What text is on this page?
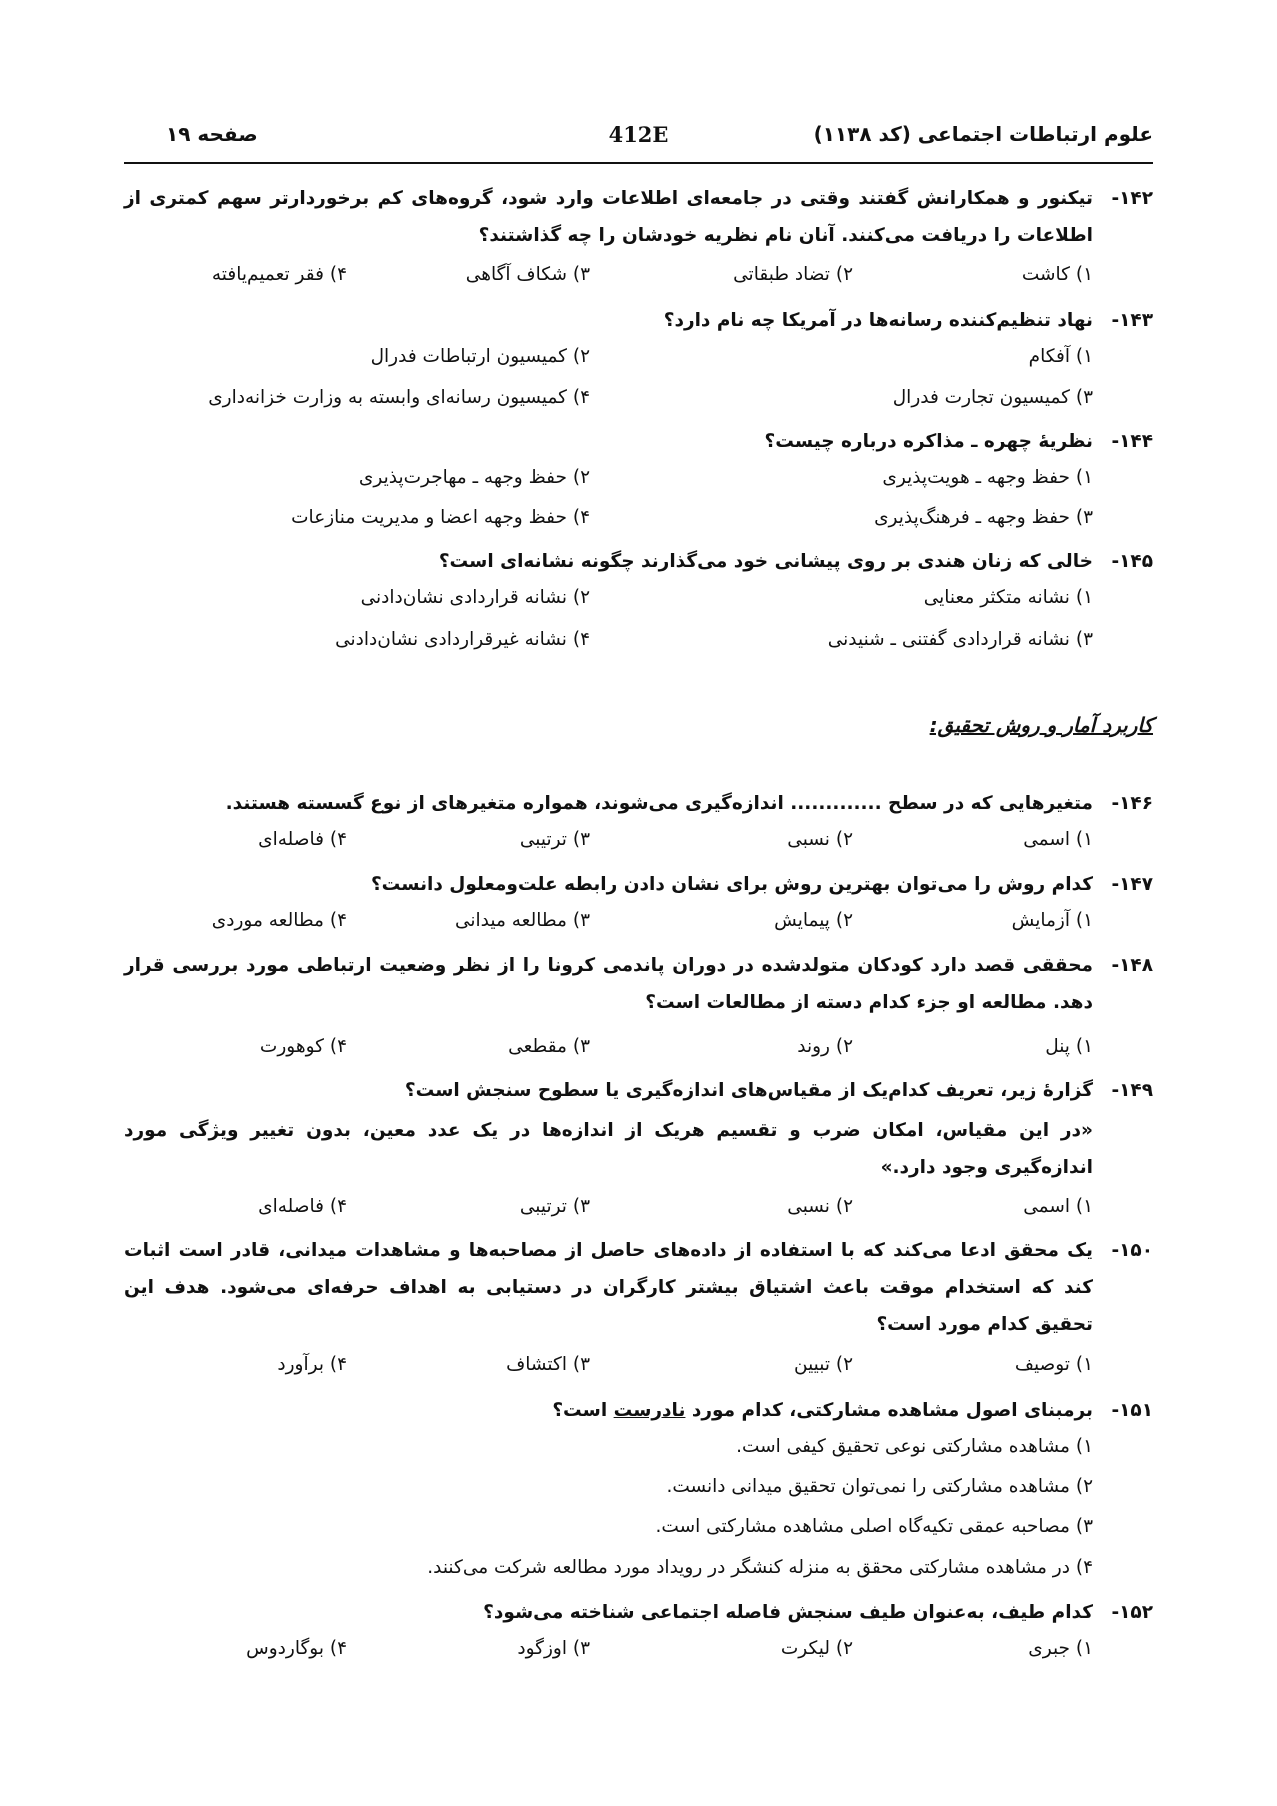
علوم ارتباطات اجتماعی (کد ۱۱۳۸)
412E
صفحه ۱۹
۱۴۲-
تیکنور و همکارانش گفتند وقتی در جامعه‌ای اطلاعات وارد شود، گروه‌های کم برخوردارتر سهم کمتری از اطلاعات را دریافت می‌کنند. آنان نام نظریه خودشان را چه گذاشتند؟
۱) کاشت
۲) تضاد طبقاتی
۳) شکاف آگاهی
۴) فقر تعمیم‌یافته
۱۴۳-
نهاد تنظیم‌کننده رسانه‌ها در آمریکا چه نام دارد؟
۱) آفکام
۲) کمیسیون ارتباطات فدرال
۳) کمیسیون تجارت فدرال
۴) کمیسیون رسانه‌ای وابسته به وزارت خزانه‌داری
۱۴۴-
نظریهٔ چهره ـ مذاکره درباره چیست؟
۱) حفظ وجهه ـ هویت‌پذیری
۲) حفظ وجهه ـ مهاجرت‌پذیری
۳) حفظ وجهه ـ فرهنگ‌پذیری
۴) حفظ وجهه اعضا و مدیریت منازعات
۱۴۵-
خالی که زنان هندی بر روی پیشانی خود می‌گذارند چگونه نشانه‌ای است؟
۱) نشانه متکثر معنایی
۲) نشانه قراردادی نشان‌دادنی
۳) نشانه قراردادی گفتنی ـ شنیدنی
۴) نشانه غیرقراردادی نشان‌دادنی
کاربرد آمار و روش تحقیق:
۱۴۶-
متغیرهایی که در سطح ............. اندازه‌گیری می‌شوند، همواره متغیرهای از نوع گسسته هستند.
۱) اسمی
۲) نسبی
۳) ترتیبی
۴) فاصله‌ای
۱۴۷-
کدام روش را می‌توان بهترین روش برای نشان دادن رابطه علت‌ومعلول دانست؟
۱) آزمایش
۲) پیمایش
۳) مطالعه میدانی
۴) مطالعه موردی
۱۴۸-
محققی قصد دارد کودکان متولدشده در دوران پاندمی کرونا را از نظر وضعیت ارتباطی مورد بررسی قرار دهد. مطالعه او جزء کدام دسته از مطالعات است؟
۱) پنل
۲) روند
۳) مقطعی
۴) کوهورت
۱۴۹-
گزارهٔ زیر، تعریف کدام‌یک از مقیاس‌های اندازه‌گیری یا سطوح سنجش است؟
«در این مقیاس، امکان ضرب و تقسیم هریک از اندازه‌ها در یک عدد معین، بدون تغییر ویژگی مورد اندازه‌گیری وجود دارد.»
۱) اسمی
۲) نسبی
۳) ترتیبی
۴) فاصله‌ای
۱۵۰-
یک محقق ادعا می‌کند که با استفاده از داده‌های حاصل از مصاحبه‌ها و مشاهدات میدانی، قادر است اثبات کند که استخدام موقت باعث اشتیاق بیشتر کارگران در دستیابی به اهداف حرفه‌ای می‌شود. هدف این تحقیق کدام مورد است؟
۱) توصیف
۲) تبیین
۳) اکتشاف
۴) برآورد
۱۵۱-
برمبنای اصول مشاهده مشارکتی، کدام مورد نادرست است؟
۱) مشاهده مشارکتی نوعی تحقیق کیفی است.
۲) مشاهده مشارکتی را نمی‌توان تحقیق میدانی دانست.
۳) مصاحبه عمقی تکیه‌گاه اصلی مشاهده مشارکتی است.
۴) در مشاهده مشارکتی محقق به منزله کنشگر در رویداد مورد مطالعه شرکت می‌کنند.
۱۵۲-
کدام طیف، به‌عنوان طیف سنجش فاصله اجتماعی شناخته می‌شود؟
۱) جبری
۲) لیکرت
۳) اوزگود
۴) بوگاردوس
